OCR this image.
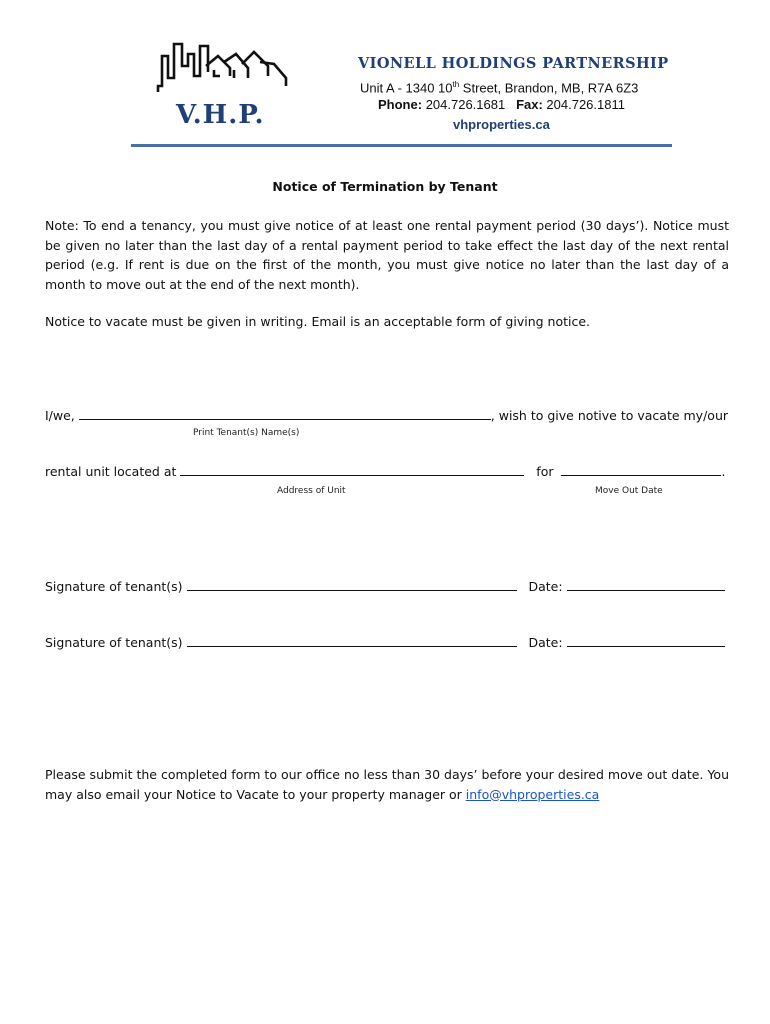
V.H.P.
VIONELL HOLDINGS PARTNERSHIP
Unit A - 1340 10th Street, Brandon, MB, R7A 6Z3
Phone: 204.726.1681 Fax: 204.726.1811
vhproperties.ca
Notice of Termination by Tenant
Note: To end a tenancy, you must give notice of at least one rental payment period (30 days’). Notice must be given no later than the last day of a rental payment period to take effect the last day of the next rental period (e.g. If rent is due on the first of the month, you must give notice no later than the last day of a month to move out at the end of the next month).
Notice to vacate must be given in writing. Email is an acceptable form of giving notice.
I/we,	, wish to give notive to vacate my/our
Print Tenant(s) Name(s)
rental unit located at	for	.
Address of Unit	Move Out Date
Signature of tenant(s)	Date:
Signature of tenant(s)	Date:
Please submit the completed form to our office no less than 30 days’ before your desired move out date. You may also email your Notice to Vacate to your property manager or info@vhproperties.ca
